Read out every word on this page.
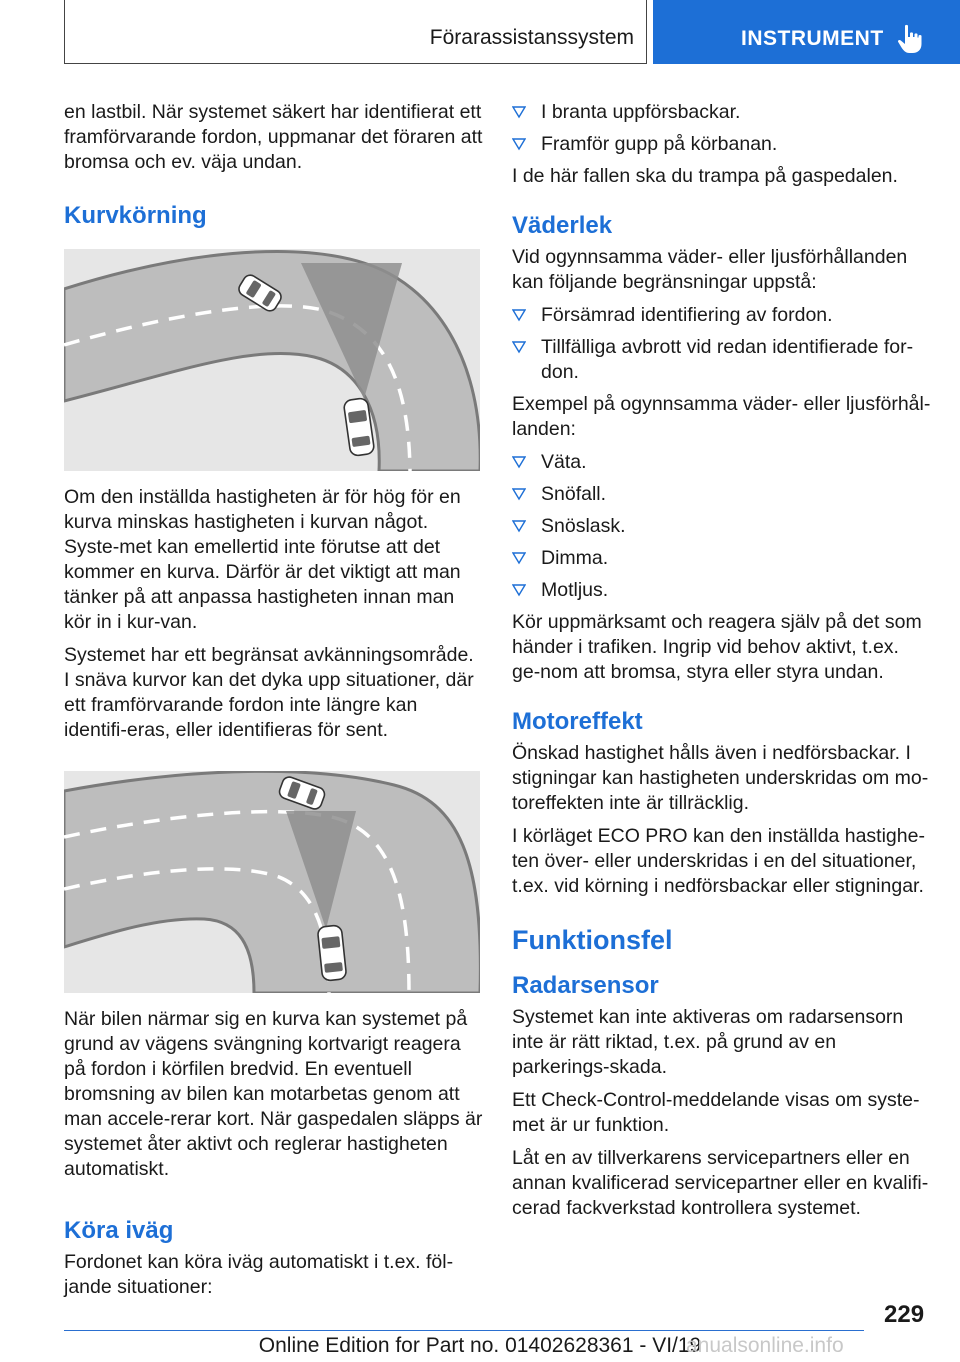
Förarassistanssystem	INSTRUMENT

en lastbil. När systemet säkert har identifierat ett framförvarande fordon, uppmanar det föraren att bromsa och ev. väja undan.

Kurvkörning

Om den inställda hastigheten är för hög för en kurva minskas hastigheten i kurvan något. Syste-met kan emellertid inte förutse att det kommer en kurva. Därför är det viktigt att man tänker på att anpassa hastigheten innan man kör in i kur-van.

Systemet har ett begränsat avkänningsområde. I snäva kurvor kan det dyka upp situationer, där ett framförvarande fordon inte längre kan identifi-eras, eller identifieras för sent.

När bilen närmar sig en kurva kan systemet på grund av vägens svängning kortvarigt reagera på fordon i körfilen bredvid. En eventuell bromsning av bilen kan motarbetas genom att man accele-rerar kort. När gaspedalen släpps är systemet åter aktivt och reglerar hastigheten automatiskt.

Köra iväg

Fordonet kan köra iväg automatiskt i t.ex. föl-jande situationer:

I branta uppförsbackar.
Framför gupp på körbanan.

I de här fallen ska du trampa på gaspedalen.

Väderlek

Vid ogynnsamma väder- eller ljusförhållanden kan följande begränsningar uppstå:

Försämrad identifiering av fordon.
Tillfälliga avbrott vid redan identifierade for-don.

Exempel på ogynnsamma väder- eller ljusförhål-landen:

Väta.
Snöfall.
Snöslask.
Dimma.
Motljus.

Kör uppmärksamt och reagera själv på det som händer i trafiken. Ingrip vid behov aktivt, t.ex. ge-nom att bromsa, styra eller styra undan.

Motoreffekt

Önskad hastighet hålls även i nedförsbackar. I stigningar kan hastigheten underskridas om mo-toreffekten inte är tillräcklig.

I körläget ECO PRO kan den inställda hastighe-ten över- eller underskridas i en del situationer, t.ex. vid körning i nedförsbackar eller stigningar.

Funktionsfel
Radarsensor

Systemet kan inte aktiveras om radarsensorn inte är rätt riktad, t.ex. på grund av en parkerings-skada.

Ett Check-Control-meddelande visas om syste-met är ur funktion.

Låt en av tillverkarens servicepartners eller en annan kvalificerad servicepartner eller en kvalifi-cerad fackverkstad kontrollera systemet.

229
Online Edition for Part no. 01402628361 - VI/19
anualsonline.info
